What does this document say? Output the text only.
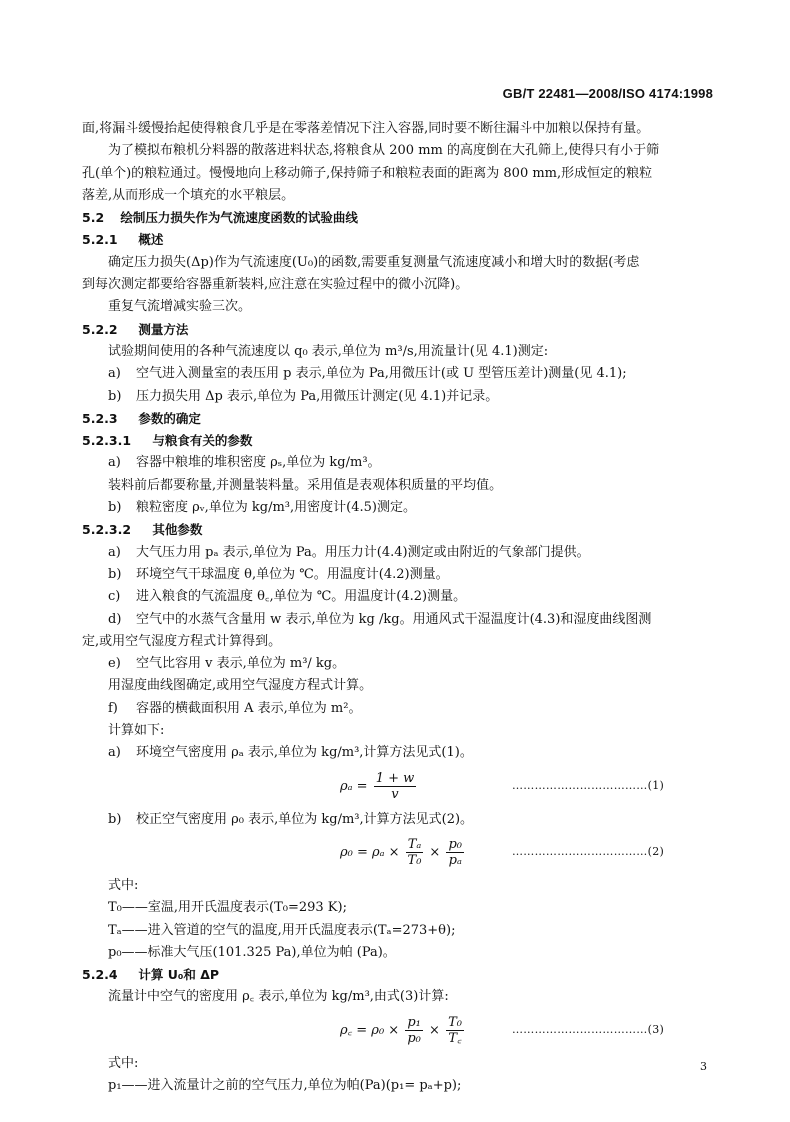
GB/T 22481—2008/ISO 4174:1998

面,将漏斗缓慢抬起使得粮食几乎是在零落差情况下注入容器,同时要不断往漏斗中加粮以保持有量。

为了模拟布粮机分料器的散落进料状态,将粮食从 200 mm 的高度倒在大孔筛上,使得只有小于筛

孔(单个)的粮粒通过。慢慢地向上移动筛子,保持筛子和粮粒表面的距离为 800 mm,形成恒定的粮粒

落差,从而形成一个填充的水平粮层。

5.2 绘制压力损失作为气流速度函数的试验曲线
5.2.1 概述

确定压力损失(Δp)作为气流速度(U₀)的函数,需要重复测量气流速度减小和增大时的数据(考虑

到每次测定都要给容器重新装料,应注意在实验过程中的微小沉降)。

重复气流增减实验三次。

5.2.2 测量方法

试验期间使用的各种气流速度以 q₀ 表示,单位为 m³/s,用流量计(见 4.1)测定:

a) 空气进入测量室的表压用 p 表示,单位为 Pa,用微压计(或 U 型管压差计)测量(见 4.1);
b) 压力损失用 Δp 表示,单位为 Pa,用微压计测定(见 4.1)并记录。
5.2.3 参数的确定
5.2.3.1 与粮食有关的参数
a) 容器中粮堆的堆积密度 ρₛ,单位为 kg/m³。

装料前后都要称量,并测量装料量。采用值是表观体积质量的平均值。

b) 粮粒密度 ρᵥ,单位为 kg/m³,用密度计(4.5)测定。
5.2.3.2 其他参数
a) 大气压力用 pₐ 表示,单位为 Pa。用压力计(4.4)测定或由附近的气象部门提供。
b) 环境空气干球温度 θ,单位为 ℃。用温度计(4.2)测量。
c) 进入粮食的气流温度 θ꜀,单位为 ℃。用温度计(4.2)测量。
d) 空气中的水蒸气含量用 w 表示,单位为 kg /kg。用通风式干湿温度计(4.3)和湿度曲线图测

定,或用空气湿度方程式计算得到。

e) 空气比容用 v 表示,单位为 m³/ kg。

用湿度曲线图确定,或用空气湿度方程式计算。

f) 容器的横截面积用 A 表示,单位为 m²。

计算如下:

a) 环境空气密度用 ρₐ 表示,单位为 kg/m³,计算方法见式(1)。
$\rho_a = \frac{1 + w}{v}$	………………………………(1)
b) 校正空气密度用 ρ₀ 表示,单位为 kg/m³,计算方法见式(2)。
$\rho_0 = \rho_a \times \frac{\text{Tₐ}}{\text{T₀}} \times \frac{\text{p₀}}{\text{pₐ}}$	………………………………(2)

式中:

T₀——室温,用开氏温度表示(T₀=293 K);

Tₐ——进入管道的空气的温度,用开氏温度表示(Tₐ=273+θ);

p₀——标准大气压(101.325 Pa),单位为帕 (Pa)。

5.2.4 计算 U₀和 ΔP

流量计中空气的密度用 ρ꜀ 表示,单位为 kg/m³,由式(3)计算:

ρ꜀ = $\rho_0 \times \frac{\text{p₁}}{\text{p₀}} \times \frac{\text{T₀}}{T꜀}$	………………………………(3)

式中:

p₁——进入流量计之前的空气压力,单位为帕(Pa)(p₁= pₐ+p);

3
